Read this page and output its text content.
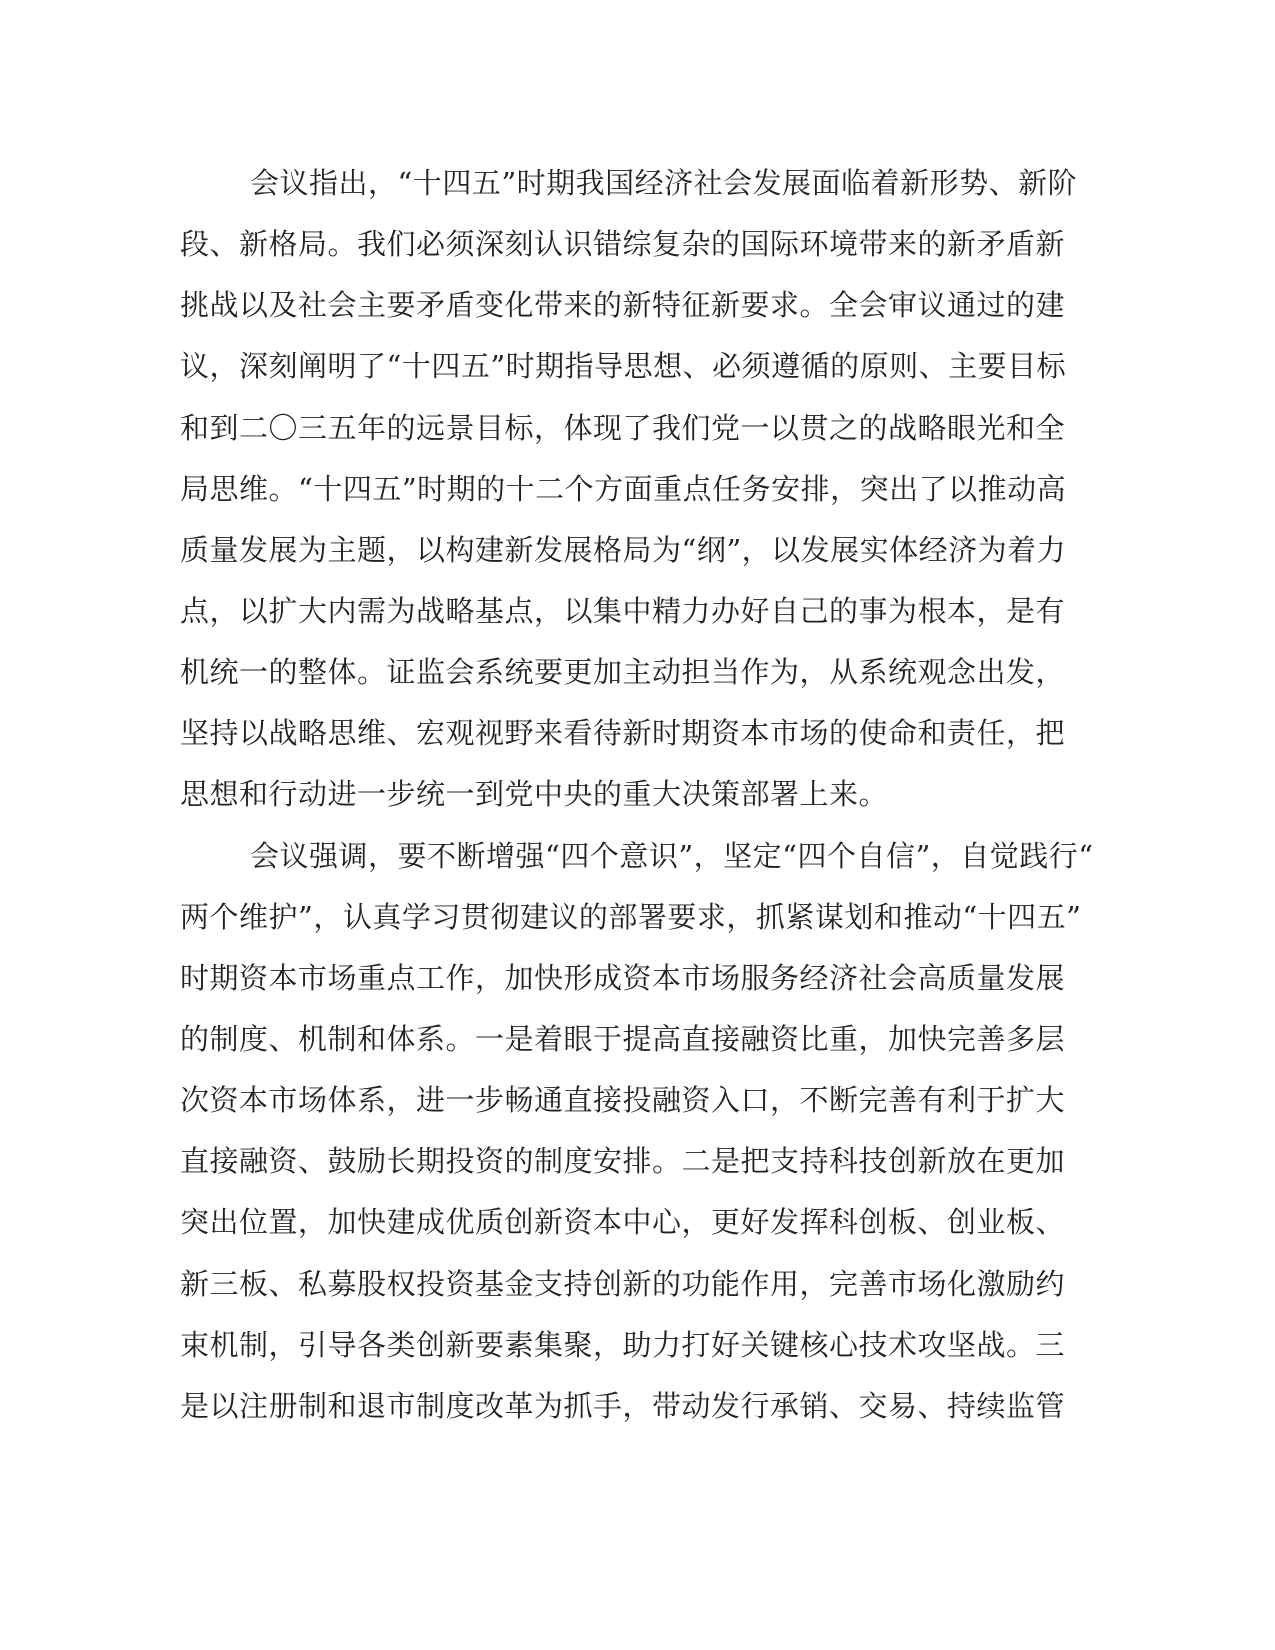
会议指出，“十四五”时期我国经济社会发展面临着新形势、新阶
段、新格局。我们必须深刻认识错综复杂的国际环境带来的新矛盾新
挑战以及社会主要矛盾变化带来的新特征新要求。全会审议通过的建
议，深刻阐明了“十四五”时期指导思想、必须遵循的原则、主要目标
和到二〇三五年的远景目标，体现了我们党一以贯之的战略眼光和全
局思维。“十四五”时期的十二个方面重点任务安排，突出了以推动高
质量发展为主题，以构建新发展格局为“纲”，以发展实体经济为着力
点，以扩大内需为战略基点，以集中精力办好自己的事为根本，是有
机统一的整体。证监会系统要更加主动担当作为，从系统观念出发，
坚持以战略思维、宏观视野来看待新时期资本市场的使命和责任，把
思想和行动进一步统一到党中央的重大决策部署上来。
会议强调，要不断增强“四个意识”，坚定“四个自信”，自觉践行“
两个维护”，认真学习贯彻建议的部署要求，抓紧谋划和推动“十四五”
时期资本市场重点工作，加快形成资本市场服务经济社会高质量发展
的制度、机制和体系。一是着眼于提高直接融资比重，加快完善多层
次资本市场体系，进一步畅通直接投融资入口，不断完善有利于扩大
直接融资、鼓励长期投资的制度安排。二是把支持科技创新放在更加
突出位置，加快建成优质创新资本中心，更好发挥科创板、创业板、
新三板、私募股权投资基金支持创新的功能作用，完善市场化激励约
束机制，引导各类创新要素集聚，助力打好关键核心技术攻坚战。三
是以注册制和退市制度改革为抓手，带动发行承销、交易、持续监管
